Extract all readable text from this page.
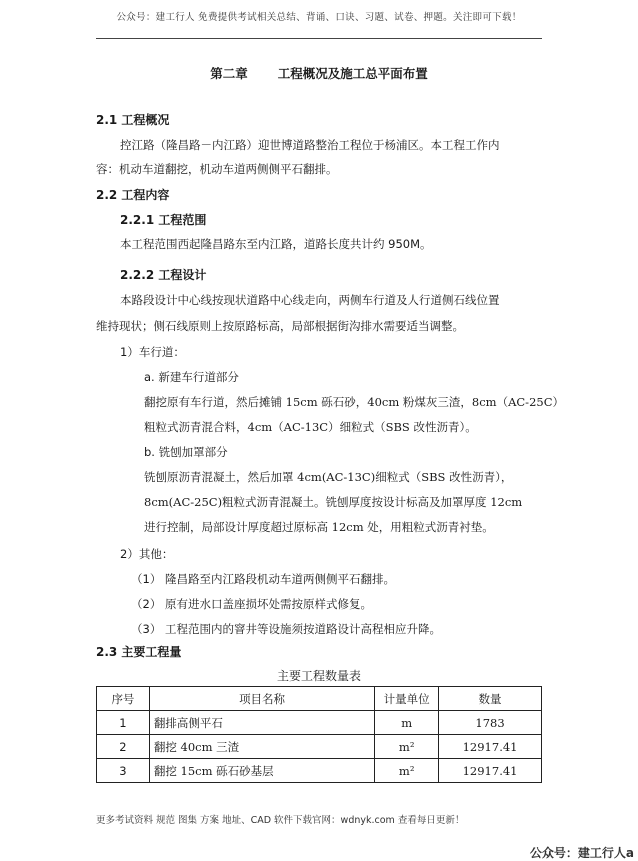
公众号：建工行人 免费提供考试相关总结、背诵、口诀、习题、试卷、押题。关注即可下载！
第二章 工程概况及施工总平面布置
2.1 工程概况
控江路（隆昌路－内江路）迎世博道路整治工程位于杨浦区。本工程工作内
容：机动车道翻挖，机动车道两侧侧平石翻排。
2.2 工程内容
2.2.1 工程范围
本工程范围西起隆昌路东至内江路，道路长度共计约 950M。
2.2.2 工程设计
本路段设计中心线按现状道路中心线走向，两侧车行道及人行道侧石线位置
维持现状；侧石线原则上按原路标高，局部根据街沟排水需要适当调整。
1）车行道：
a. 新建车行道部分
翻挖原有车行道，然后摊铺 15cm 砾石砂，40cm 粉煤灰三渣，8cm（AC-25C）
粗粒式沥青混合料，4cm（AC-13C）细粒式（SBS 改性沥青）。
b. 铣刨加罩部分
铣刨原沥青混凝土，然后加罩 4cm(AC-13C)细粒式（SBS 改性沥青），
8cm(AC-25C)粗粒式沥青混凝土。铣刨厚度按设计标高及加罩厚度 12cm
进行控制，局部设计厚度超过原标高 12cm 处，用粗粒式沥青衬垫。
2）其他：
（1） 隆昌路至内江路段机动车道两侧侧平石翻排。
（2） 原有进水口盖座损坏处需按原样式修复。
（3） 工程范围内的窨井等设施须按道路设计高程相应升降。
2.3 主要工程量
主要工程数量表
序号	项目名称	计量单位	数量
1	翻排高侧平石	m	1783
2	翻挖 40cm 三渣	m²	12917.41
3	翻挖 15cm 砾石砂基层	m²	12917.41
更多考试资料 规范 图集 方案 地址、CAD 软件下载官网：wdnyk.com 查看每日更新！
公众号：建工行人a
